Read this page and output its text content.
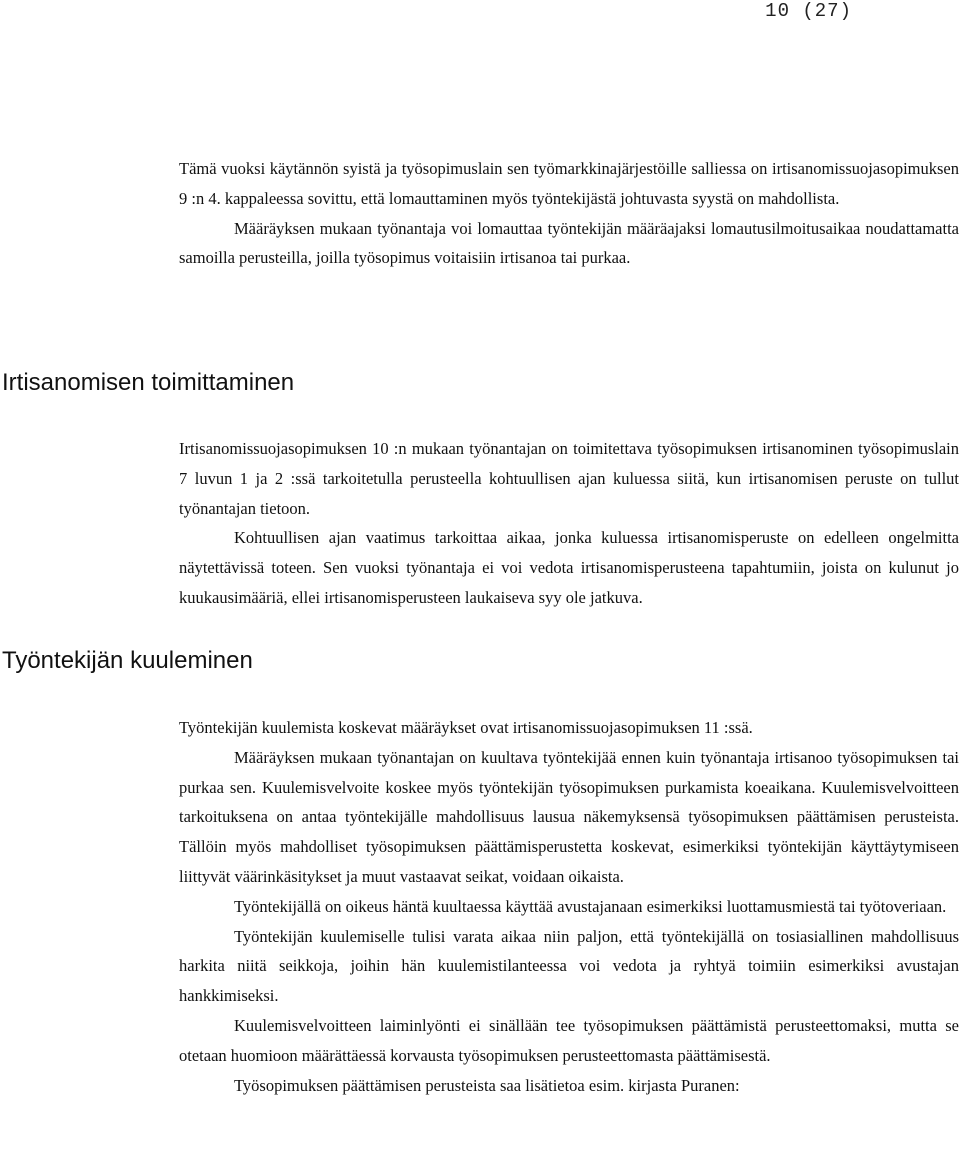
10 (27)

Tämä vuoksi käytännön syistä ja työsopimuslain sen työmarkkinajärjestöille salliessa on irtisanomissuojasopimuksen 9 :n 4. kappaleessa sovittu, että lomauttaminen myös työntekijästä johtuvasta syystä on mahdollista.

Määräyksen mukaan työnantaja voi lomauttaa työntekijän määräajaksi lomautusilmoitusaikaa noudattamatta samoilla perusteilla, joilla työsopimus voitaisiin irtisanoa tai purkaa.

Irtisanomisen toimittaminen

Irtisanomissuojasopimuksen 10 :n mukaan työnantajan on toimitettava työsopimuksen irtisanominen työsopimuslain 7 luvun 1 ja 2 :ssä tarkoitetulla perusteella kohtuullisen ajan kuluessa siitä, kun irtisanomisen peruste on tullut työnantajan tietoon.

Kohtuullisen ajan vaatimus tarkoittaa aikaa, jonka kuluessa irtisanomisperuste on edelleen ongelmitta näytettävissä toteen. Sen vuoksi työnantaja ei voi vedota irtisanomisperusteena tapahtumiin, joista on kulunut jo kuukausimääriä, ellei irtisanomisperusteen laukaiseva syy ole jatkuva.

Työntekijän kuuleminen

Työntekijän kuulemista koskevat määräykset ovat irtisanomissuojasopimuksen 11 :ssä.

Määräyksen mukaan työnantajan on kuultava työntekijää ennen kuin työnantaja irtisanoo työsopimuksen tai purkaa sen. Kuulemisvelvoite koskee myös työntekijän työsopimuksen purkamista koeaikana. Kuulemisvelvoitteen tarkoituksena on antaa työntekijälle mahdollisuus lausua näkemyksensä työsopimuksen päättämisen perusteista. Tällöin myös mahdolliset työsopimuksen päättämisperustetta koskevat, esimerkiksi työntekijän käyttäytymiseen liittyvät väärinkäsitykset ja muut vastaavat seikat, voidaan oikaista.

Työntekijällä on oikeus häntä kuultaessa käyttää avustajanaan esimerkiksi luottamusmiestä tai työtoveriaan.

Työntekijän kuulemiselle tulisi varata aikaa niin paljon, että työntekijällä on tosiasiallinen mahdollisuus harkita niitä seikkoja, joihin hän kuulemistilanteessa voi vedota ja ryhtyä toimiin esimerkiksi avustajan hankkimiseksi.

Kuulemisvelvoitteen laiminlyönti ei sinällään tee työsopimuksen päättämistä perusteettomaksi, mutta se otetaan huomioon määrättäessä korvausta työsopimuksen perusteettomasta päättämisestä.

Työsopimuksen päättämisen perusteista saa lisätietoa esim. kirjasta Puranen:
